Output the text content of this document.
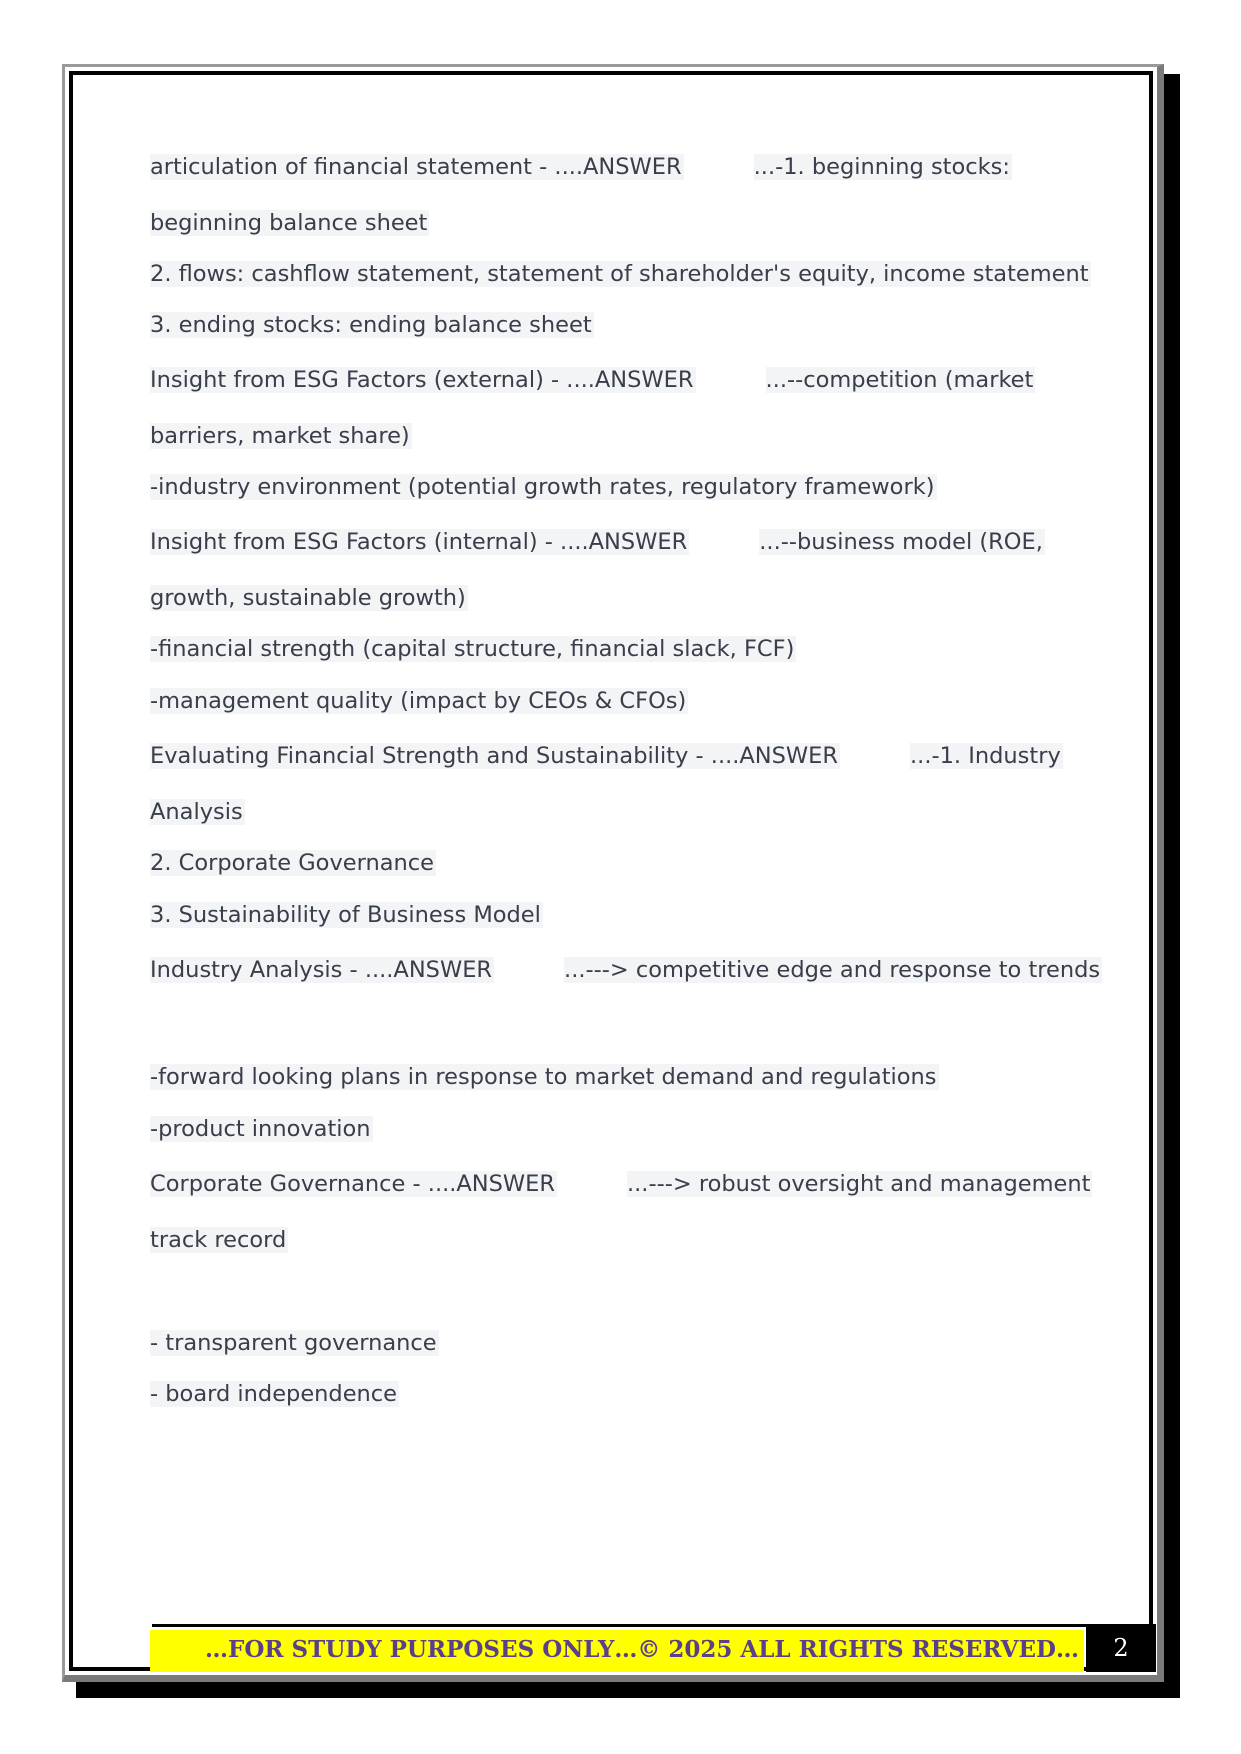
articulation of financial statement - ....ANSWER	...-1. beginning stocks:
beginning balance sheet
2. flows: cashflow statement, statement of shareholder's equity, income statement
3. ending stocks: ending balance sheet
Insight from ESG Factors (external) - ....ANSWER	...--competition (market
barriers, market share)
-industry environment (potential growth rates, regulatory framework)
Insight from ESG Factors (internal) - ....ANSWER	...--business model (ROE,
growth, sustainable growth)
-financial strength (capital structure, financial slack, FCF)
-management quality (impact by CEOs & CFOs)
Evaluating Financial Strength and Sustainability - ....ANSWER	...-1. Industry
Analysis
2. Corporate Governance
3. Sustainability of Business Model
Industry Analysis - ....ANSWER	...---> competitive edge and response to trends
-forward looking plans in response to market demand and regulations
-product innovation
Corporate Governance - ....ANSWER	...---> robust oversight and management
track record
- transparent governance
- board independence
…FOR STUDY PURPOSES ONLY…© 2025 ALL RIGHTS RESERVED…	2
